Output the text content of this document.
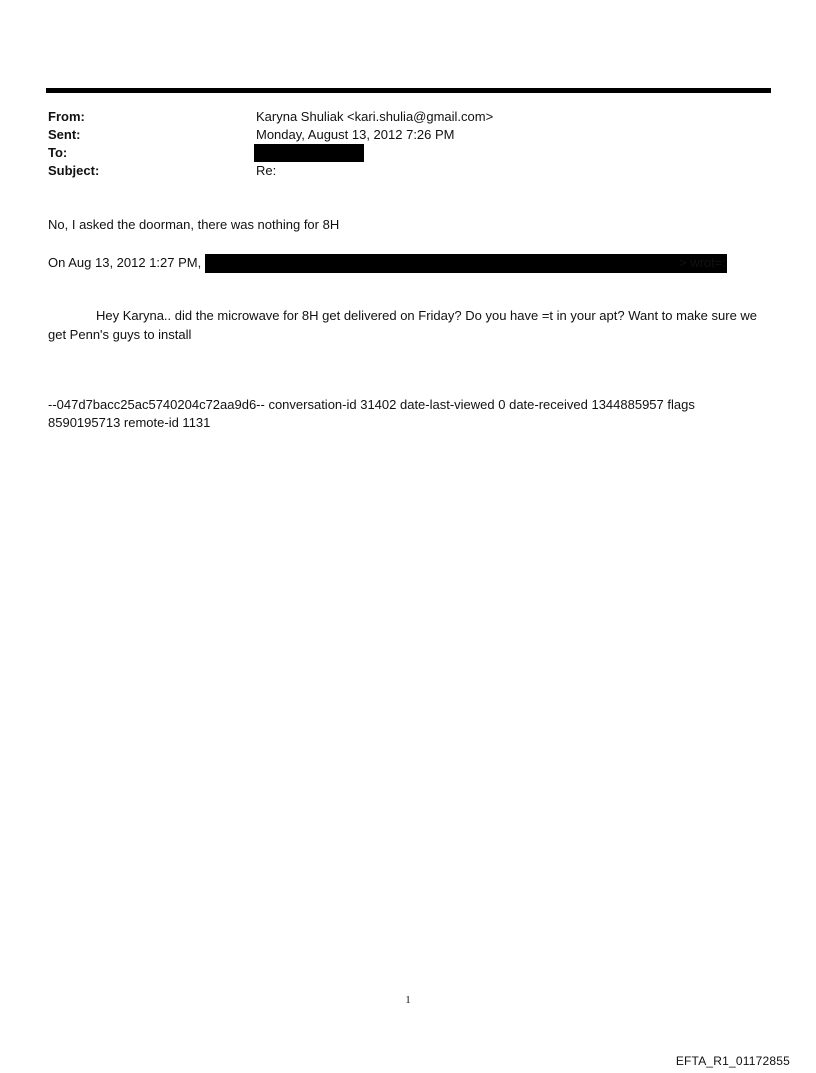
From:	Karyna Shuliak <kari.shulia@gmail.com>
Sent:	Monday, August 13, 2012 7:26 PM
To:
Subject:	Re:
No, I asked the doorman, there was nothing for 8H
On Aug 13, 2012 1:27 PM,	> wrot=:
Hey Karyna.. did the microwave for 8H get delivered on Friday? Do you have =t in your apt? Want to make sure we get Penn's guys to install
--047d7bacc25ac5740204c72aa9d6-- conversation-id 31402 date-last-viewed 0 date-received 1344885957 flags 8590195713 remote-id 1131
1
EFTA_R1_01172855
